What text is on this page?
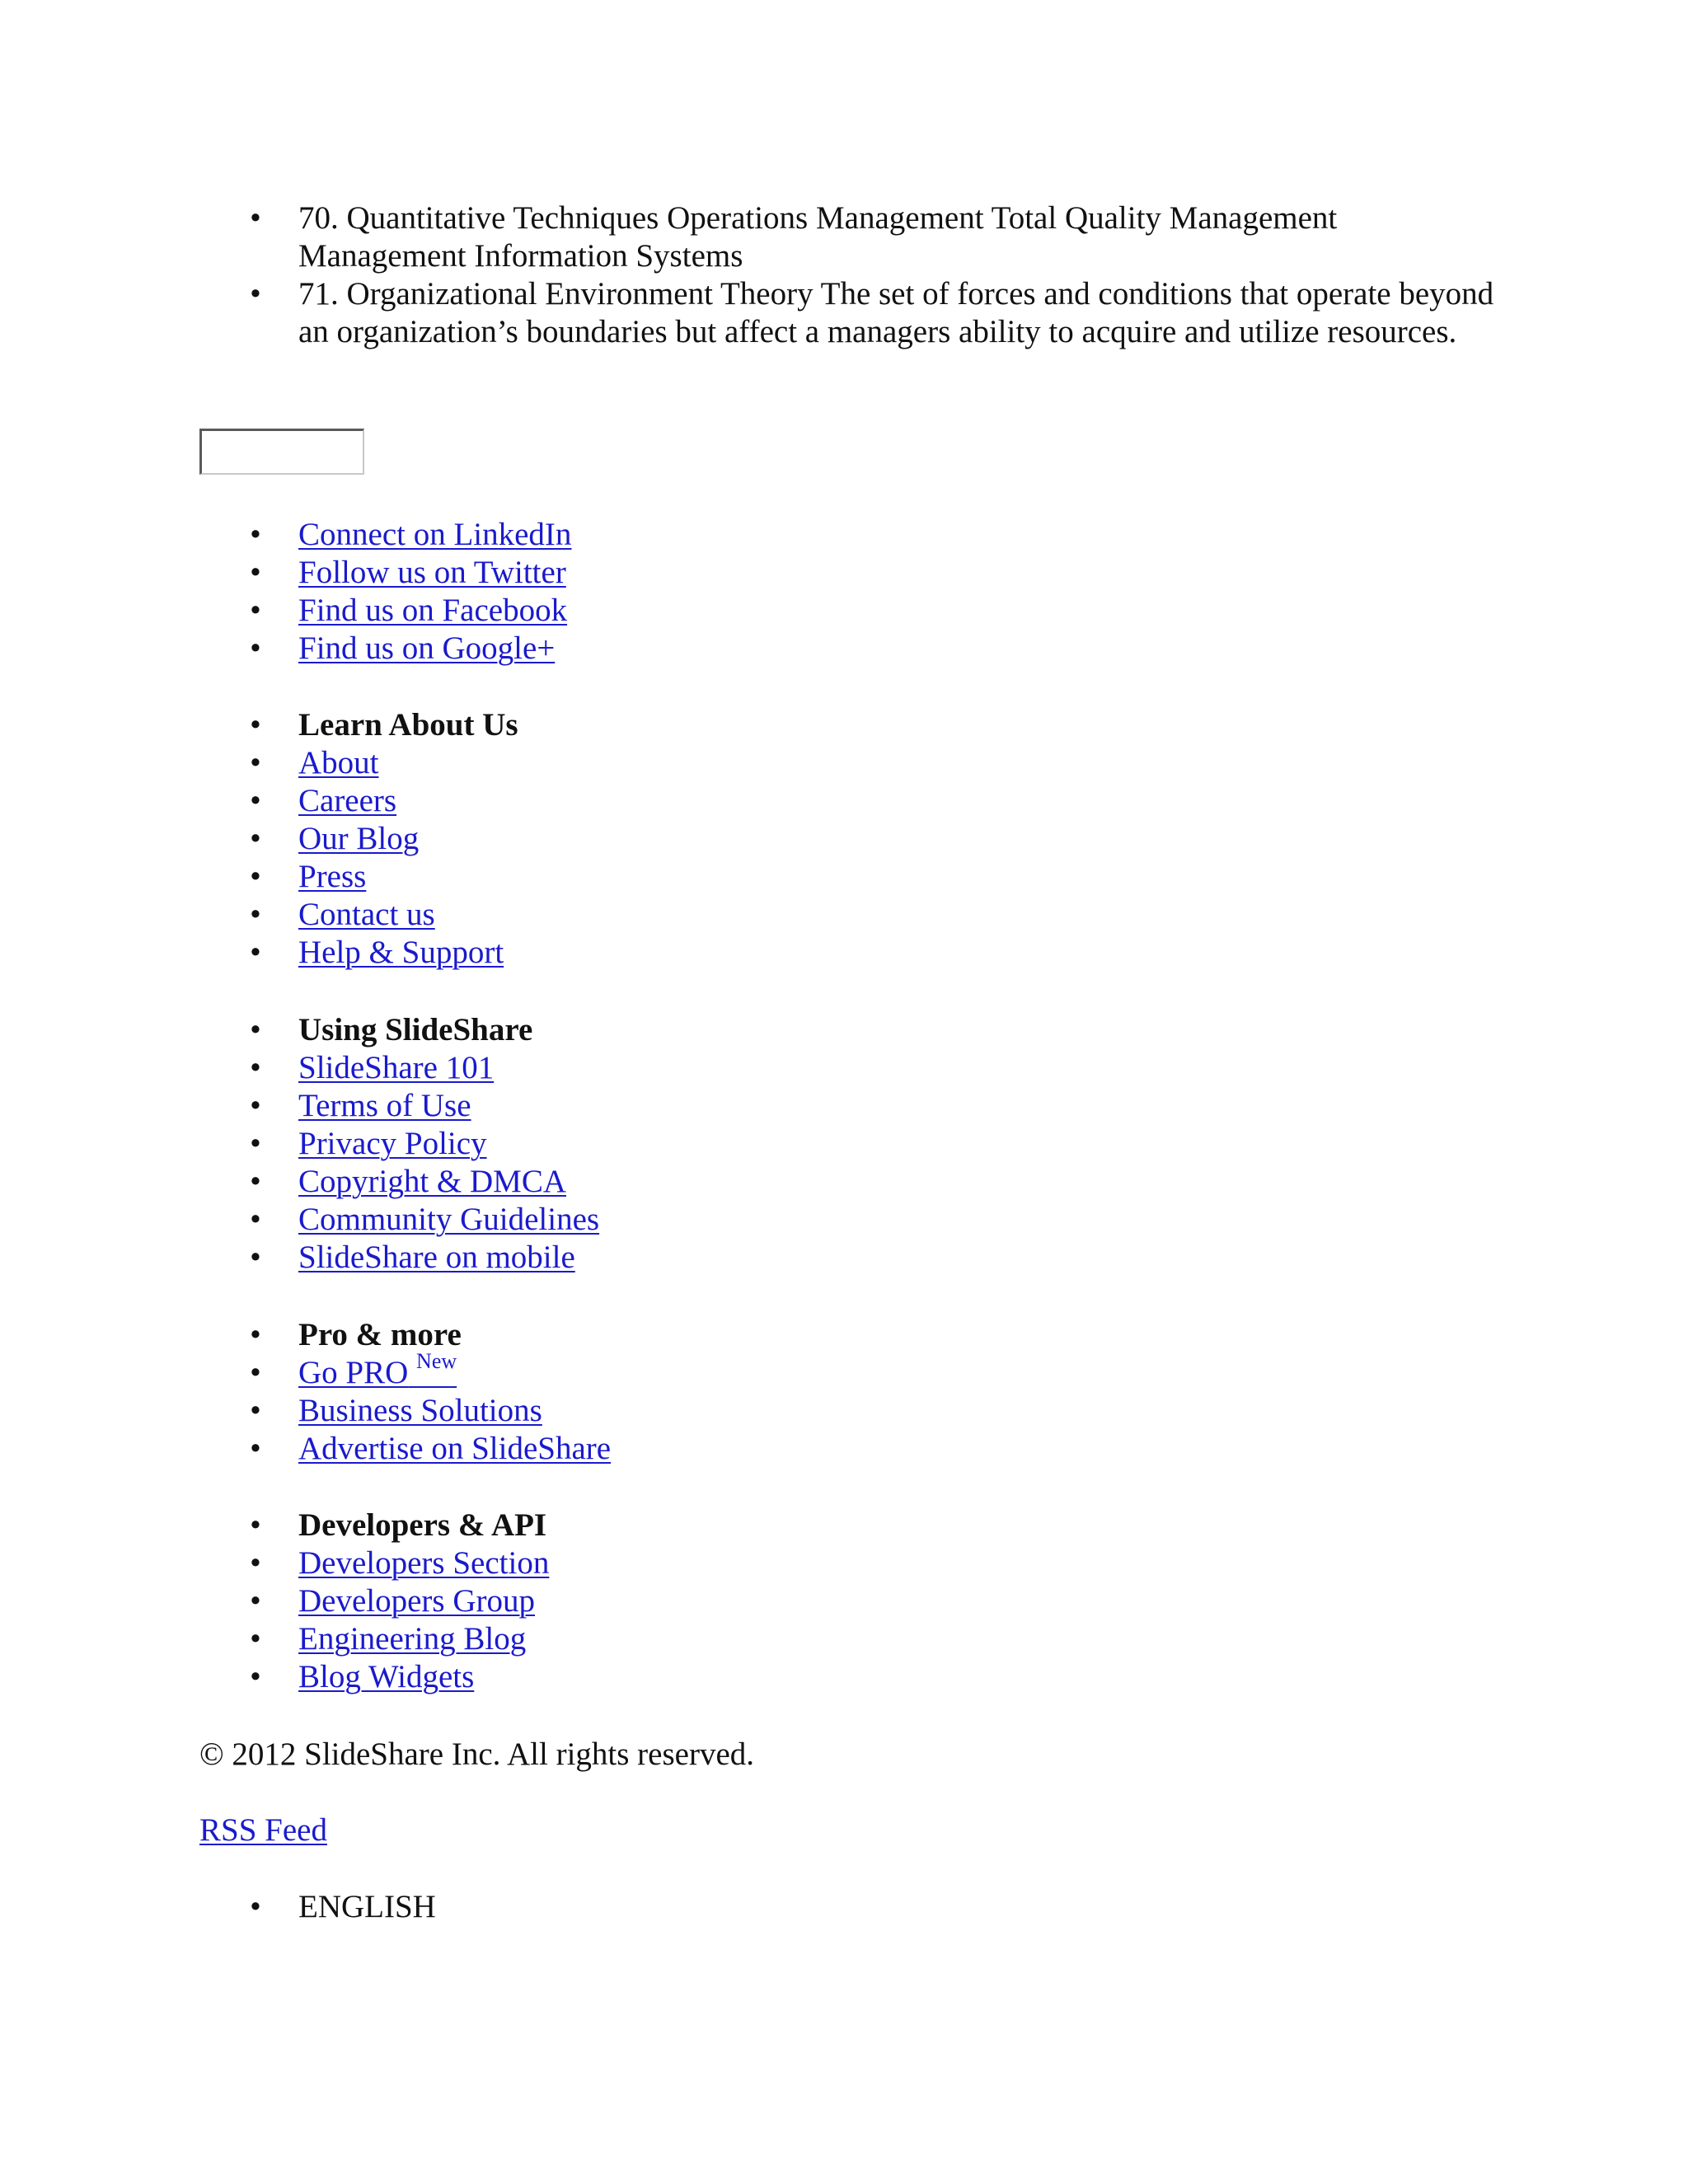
• 70. Quantitative Techniques Operations Management Total Quality Management Management Information Systems
• 71. Organizational Environment Theory The set of forces and conditions that operate beyond an organization’s boundaries but affect a managers ability to acquire and utilize resources.
• Connect on LinkedIn
• Follow us on Twitter
• Find us on Facebook
• Find us on Google+
• Learn About Us
• About
• Careers
• Our Blog
• Press
• Contact us
• Help & Support
• Using SlideShare
• SlideShare 101
• Terms of Use
• Privacy Policy
• Copyright & DMCA
• Community Guidelines
• SlideShare on mobile
• Pro & more
• Go PRO $^{New}$
• Business Solutions
• Advertise on SlideShare
• Developers & API
• Developers Section
• Developers Group
• Engineering Blog
• Blog Widgets
© 2012 SlideShare Inc. All rights reserved.
RSS Feed
• ENGLISH
